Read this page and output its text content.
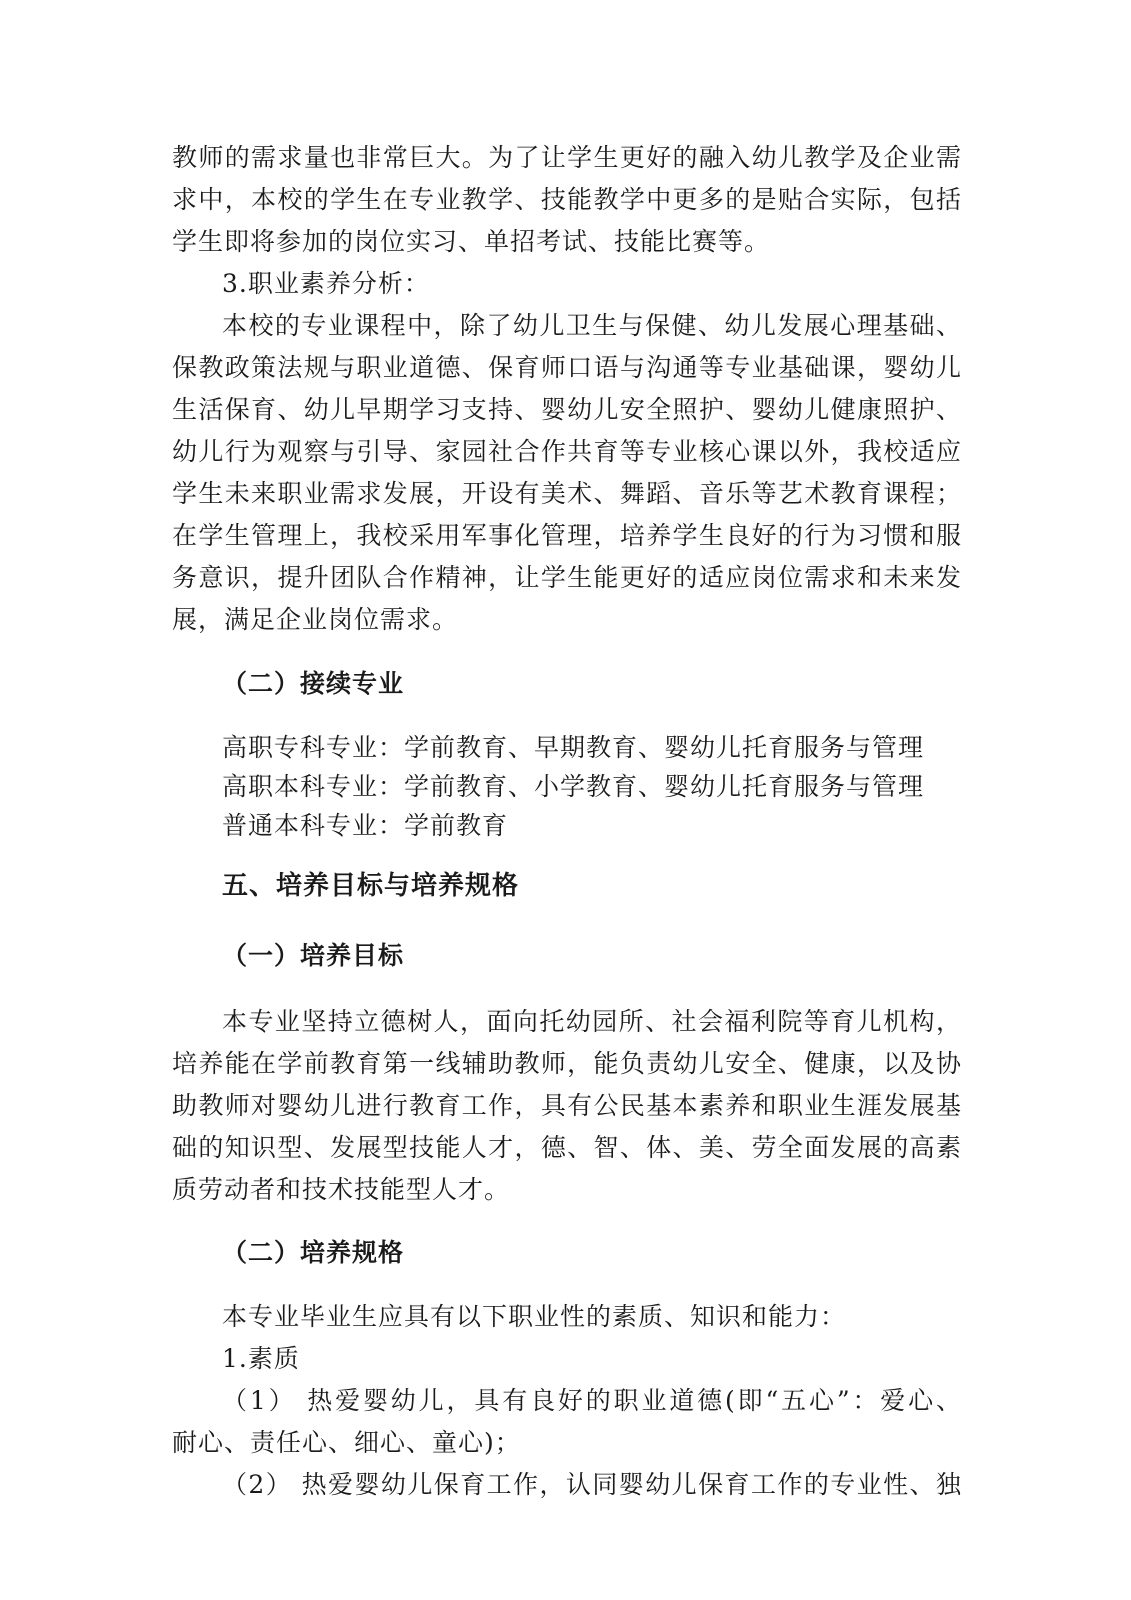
教师的需求量也非常巨大。为了让学生更好的融入幼儿教学及企业需
求中，本校的学生在专业教学、技能教学中更多的是贴合实际，包括
学生即将参加的岗位实习、单招考试、技能比赛等。
3.职业素养分析：
本校的专业课程中，除了幼儿卫生与保健、幼儿发展心理基础、
保教政策法规与职业道德、保育师口语与沟通等专业基础课，婴幼儿
生活保育、幼儿早期学习支持、婴幼儿安全照护、婴幼儿健康照护、
幼儿行为观察与引导、家园社合作共育等专业核心课以外，我校适应
学生未来职业需求发展，开设有美术、舞蹈、音乐等艺术教育课程；
在学生管理上，我校采用军事化管理，培养学生良好的行为习惯和服
务意识，提升团队合作精神，让学生能更好的适应岗位需求和未来发
展，满足企业岗位需求。
（二）接续专业
高职专科专业：学前教育、早期教育、婴幼儿托育服务与管理
高职本科专业：学前教育、小学教育、婴幼儿托育服务与管理
普通本科专业：学前教育
五、培养目标与培养规格
（一）培养目标
本专业坚持立德树人，面向托幼园所、社会福利院等育儿机构，
培养能在学前教育第一线辅助教师，能负责幼儿安全、健康，以及协
助教师对婴幼儿进行教育工作，具有公民基本素养和职业生涯发展基
础的知识型、发展型技能人才，德、智、体、美、劳全面发展的高素
质劳动者和技术技能型人才。
（二）培养规格
本专业毕业生应具有以下职业性的素质、知识和能力：
1.素质
（1） 热爱婴幼儿，具有良好的职业道德(即“五心”：爱心、
耐心、责任心、细心、童心)；
（2） 热爱婴幼儿保育工作，认同婴幼儿保育工作的专业性、独
